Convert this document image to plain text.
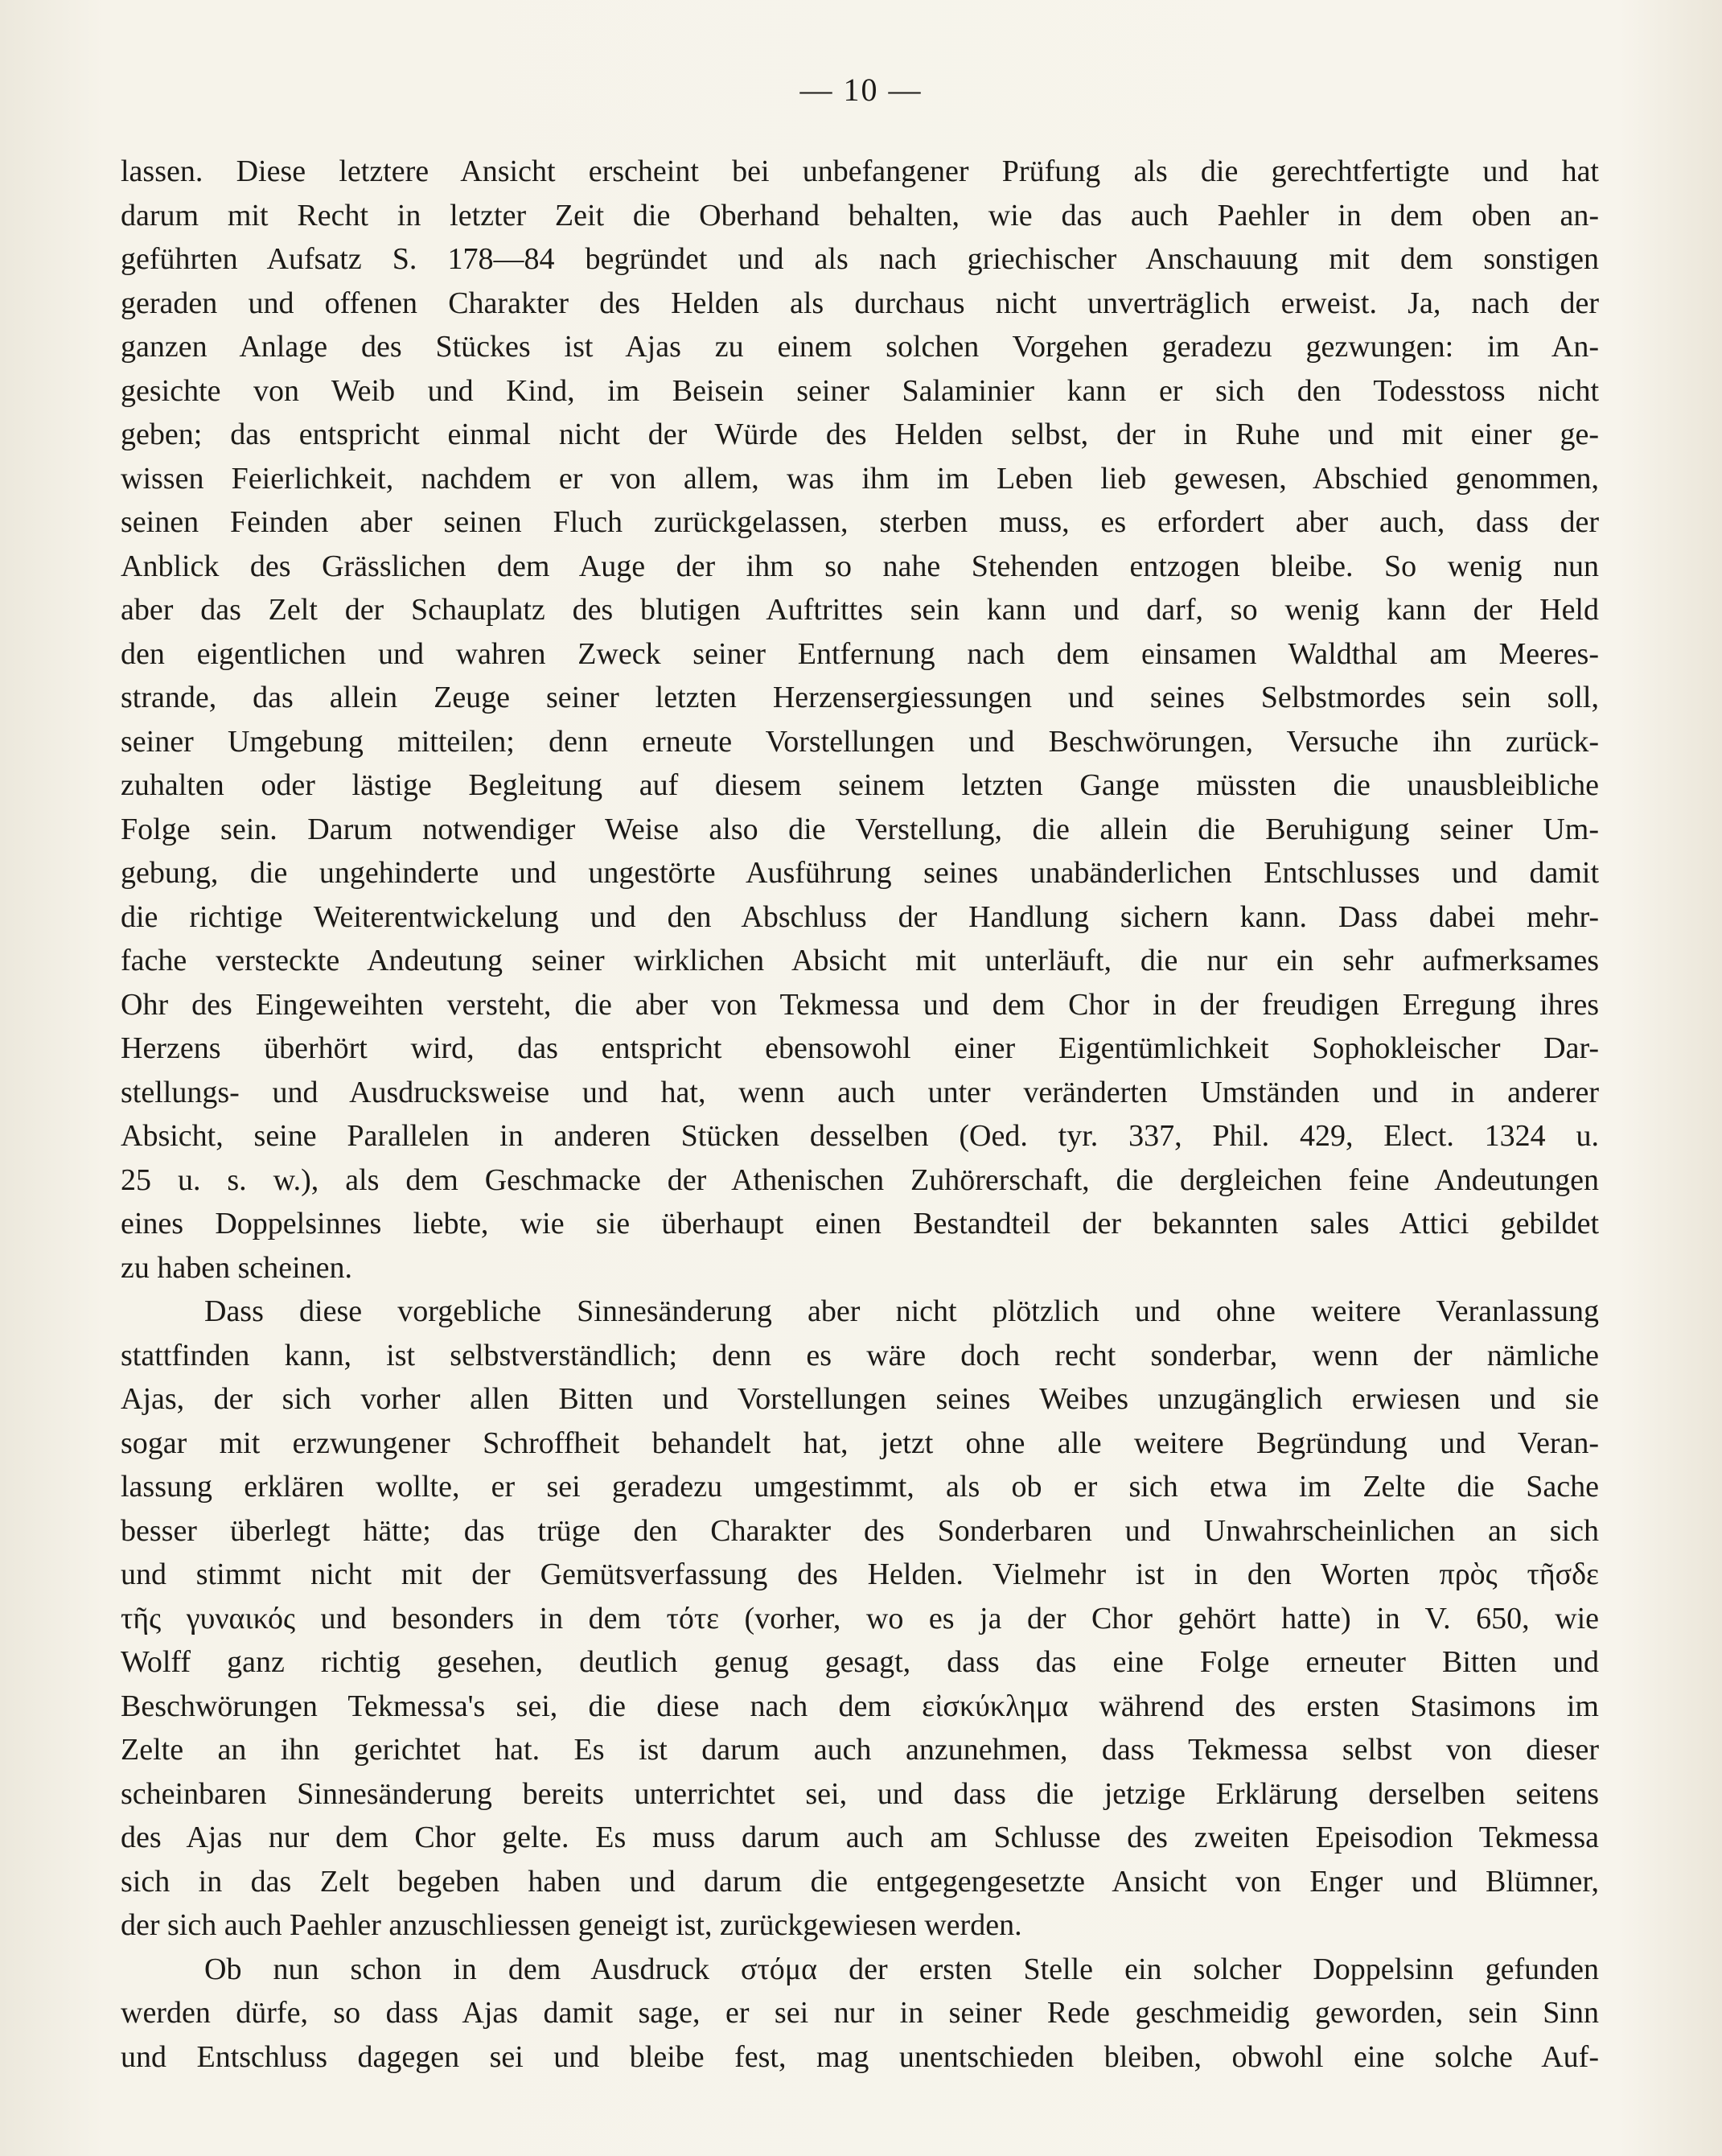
— 10 —
lassen. Diese letztere Ansicht erscheint bei unbefangener Prüfung als die gerechtfertigte und hat
darum mit Recht in letzter Zeit die Oberhand behalten, wie das auch Paehler in dem oben an-
geführten Aufsatz S. 178—84 begründet und als nach griechischer Anschauung mit dem sonstigen
geraden und offenen Charakter des Helden als durchaus nicht unverträglich erweist. Ja, nach der
ganzen Anlage des Stückes ist Ajas zu einem solchen Vorgehen geradezu gezwungen: im An-
gesichte von Weib und Kind, im Beisein seiner Salaminier kann er sich den Todesstoss nicht
geben; das entspricht einmal nicht der Würde des Helden selbst, der in Ruhe und mit einer ge-
wissen Feierlichkeit, nachdem er von allem, was ihm im Leben lieb gewesen, Abschied genommen,
seinen Feinden aber seinen Fluch zurückgelassen, sterben muss, es erfordert aber auch, dass der
Anblick des Grässlichen dem Auge der ihm so nahe Stehenden entzogen bleibe. So wenig nun
aber das Zelt der Schauplatz des blutigen Auftrittes sein kann und darf, so wenig kann der Held
den eigentlichen und wahren Zweck seiner Entfernung nach dem einsamen Waldthal am Meeres-
strande, das allein Zeuge seiner letzten Herzensergiessungen und seines Selbstmordes sein soll,
seiner Umgebung mitteilen; denn erneute Vorstellungen und Beschwörungen, Versuche ihn zurück-
zuhalten oder lästige Begleitung auf diesem seinem letzten Gange müssten die unausbleibliche
Folge sein. Darum notwendiger Weise also die Verstellung, die allein die Beruhigung seiner Um-
gebung, die ungehinderte und ungestörte Ausführung seines unabänderlichen Entschlusses und damit
die richtige Weiterentwickelung und den Abschluss der Handlung sichern kann. Dass dabei mehr-
fache versteckte Andeutung seiner wirklichen Absicht mit unterläuft, die nur ein sehr aufmerksames
Ohr des Eingeweihten versteht, die aber von Tekmessa und dem Chor in der freudigen Erregung ihres
Herzens überhört wird, das entspricht ebensowohl einer Eigentümlichkeit Sophokleischer Dar-
stellungs- und Ausdrucksweise und hat, wenn auch unter veränderten Umständen und in anderer
Absicht, seine Parallelen in anderen Stücken desselben (Oed. tyr. 337, Phil. 429, Elect. 1324 u.
25 u. s. w.), als dem Geschmacke der Athenischen Zuhörerschaft, die dergleichen feine Andeutungen
eines Doppelsinnes liebte, wie sie überhaupt einen Bestandteil der bekannten sales Attici gebildet
zu haben scheinen.
Dass diese vorgebliche Sinnesänderung aber nicht plötzlich und ohne weitere Veranlassung
stattfinden kann, ist selbstverständlich; denn es wäre doch recht sonderbar, wenn der nämliche
Ajas, der sich vorher allen Bitten und Vorstellungen seines Weibes unzugänglich erwiesen und sie
sogar mit erzwungener Schroffheit behandelt hat, jetzt ohne alle weitere Begründung und Veran-
lassung erklären wollte, er sei geradezu umgestimmt, als ob er sich etwa im Zelte die Sache
besser überlegt hätte; das trüge den Charakter des Sonderbaren und Unwahrscheinlichen an sich
und stimmt nicht mit der Gemütsverfassung des Helden. Vielmehr ist in den Worten πρὸς τῆσδε
τῆς γυναικός und besonders in dem τότε (vorher, wo es ja der Chor gehört hatte) in V. 650, wie
Wolff ganz richtig gesehen, deutlich genug gesagt, dass das eine Folge erneuter Bitten und
Beschwörungen Tekmessa's sei, die diese nach dem εἰσκύκλημα während des ersten Stasimons im
Zelte an ihn gerichtet hat. Es ist darum auch anzunehmen, dass Tekmessa selbst von dieser
scheinbaren Sinnesänderung bereits unterrichtet sei, und dass die jetzige Erklärung derselben seitens
des Ajas nur dem Chor gelte. Es muss darum auch am Schlusse des zweiten Epeisodion Tekmessa
sich in das Zelt begeben haben und darum die entgegengesetzte Ansicht von Enger und Blümner,
der sich auch Paehler anzuschliessen geneigt ist, zurückgewiesen werden.
Ob nun schon in dem Ausdruck στόμα der ersten Stelle ein solcher Doppelsinn gefunden
werden dürfe, so dass Ajas damit sage, er sei nur in seiner Rede geschmeidig geworden, sein Sinn
und Entschluss dagegen sei und bleibe fest, mag unentschieden bleiben, obwohl eine solche Auf-
